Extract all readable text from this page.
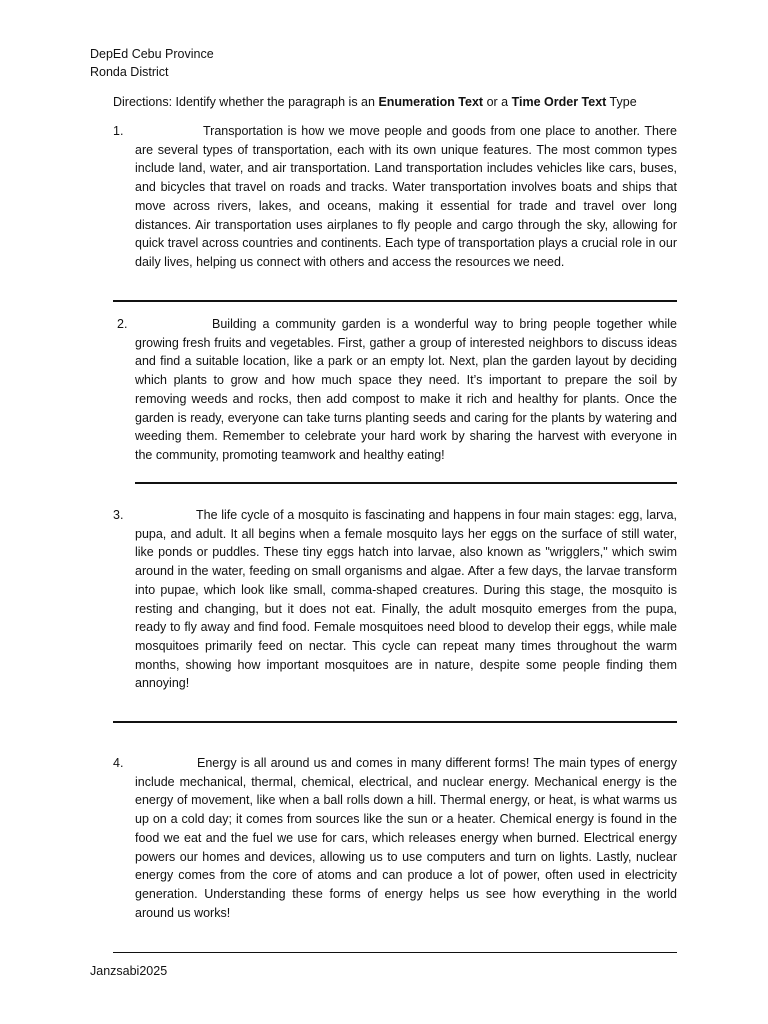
DepEd Cebu Province
Ronda District
Directions: Identify whether the paragraph is an Enumeration Text or a Time Order Text Type
1.	Transportation is how we move people and goods from one place to another. There are several types of transportation, each with its own unique features. The most common types include land, water, and air transportation. Land transportation includes vehicles like cars, buses, and bicycles that travel on roads and tracks. Water transportation involves boats and ships that move across rivers, lakes, and oceans, making it essential for trade and travel over long distances. Air transportation uses airplanes to fly people and cargo through the sky, allowing for quick travel across countries and continents. Each type of transportation plays a crucial role in our daily lives, helping us connect with others and access the resources we need.

2.	Building a community garden is a wonderful way to bring people together while growing fresh fruits and vegetables. First, gather a group of interested neighbors to discuss ideas and find a suitable location, like a park or an empty lot. Next, plan the garden layout by deciding which plants to grow and how much space they need. It’s important to prepare the soil by removing weeds and rocks, then add compost to make it rich and healthy for plants. Once the garden is ready, everyone can take turns planting seeds and caring for the plants by watering and weeding them. Remember to celebrate your hard work by sharing the harvest with everyone in the community, promoting teamwork and healthy eating!

3.	The life cycle of a mosquito is fascinating and happens in four main stages: egg, larva, pupa, and adult. It all begins when a female mosquito lays her eggs on the surface of still water, like ponds or puddles. These tiny eggs hatch into larvae, also known as "wrigglers," which swim around in the water, feeding on small organisms and algae. After a few days, the larvae transform into pupae, which look like small, comma-shaped creatures. During this stage, the mosquito is resting and changing, but it does not eat. Finally, the adult mosquito emerges from the pupa, ready to fly away and find food. Female mosquitoes need blood to develop their eggs, while male mosquitoes primarily feed on nectar. This cycle can repeat many times throughout the warm months, showing how important mosquitoes are in nature, despite some people finding them annoying!

4.	Energy is all around us and comes in many different forms! The main types of energy include mechanical, thermal, chemical, electrical, and nuclear energy. Mechanical energy is the energy of movement, like when a ball rolls down a hill. Thermal energy, or heat, is what warms us up on a cold day; it comes from sources like the sun or a heater. Chemical energy is found in the food we eat and the fuel we use for cars, which releases energy when burned. Electrical energy powers our homes and devices, allowing us to use computers and turn on lights. Lastly, nuclear energy comes from the core of atoms and can produce a lot of power, often used in electricity generation. Understanding these forms of energy helps us see how everything in the world around us works!

Janzsabi2025
